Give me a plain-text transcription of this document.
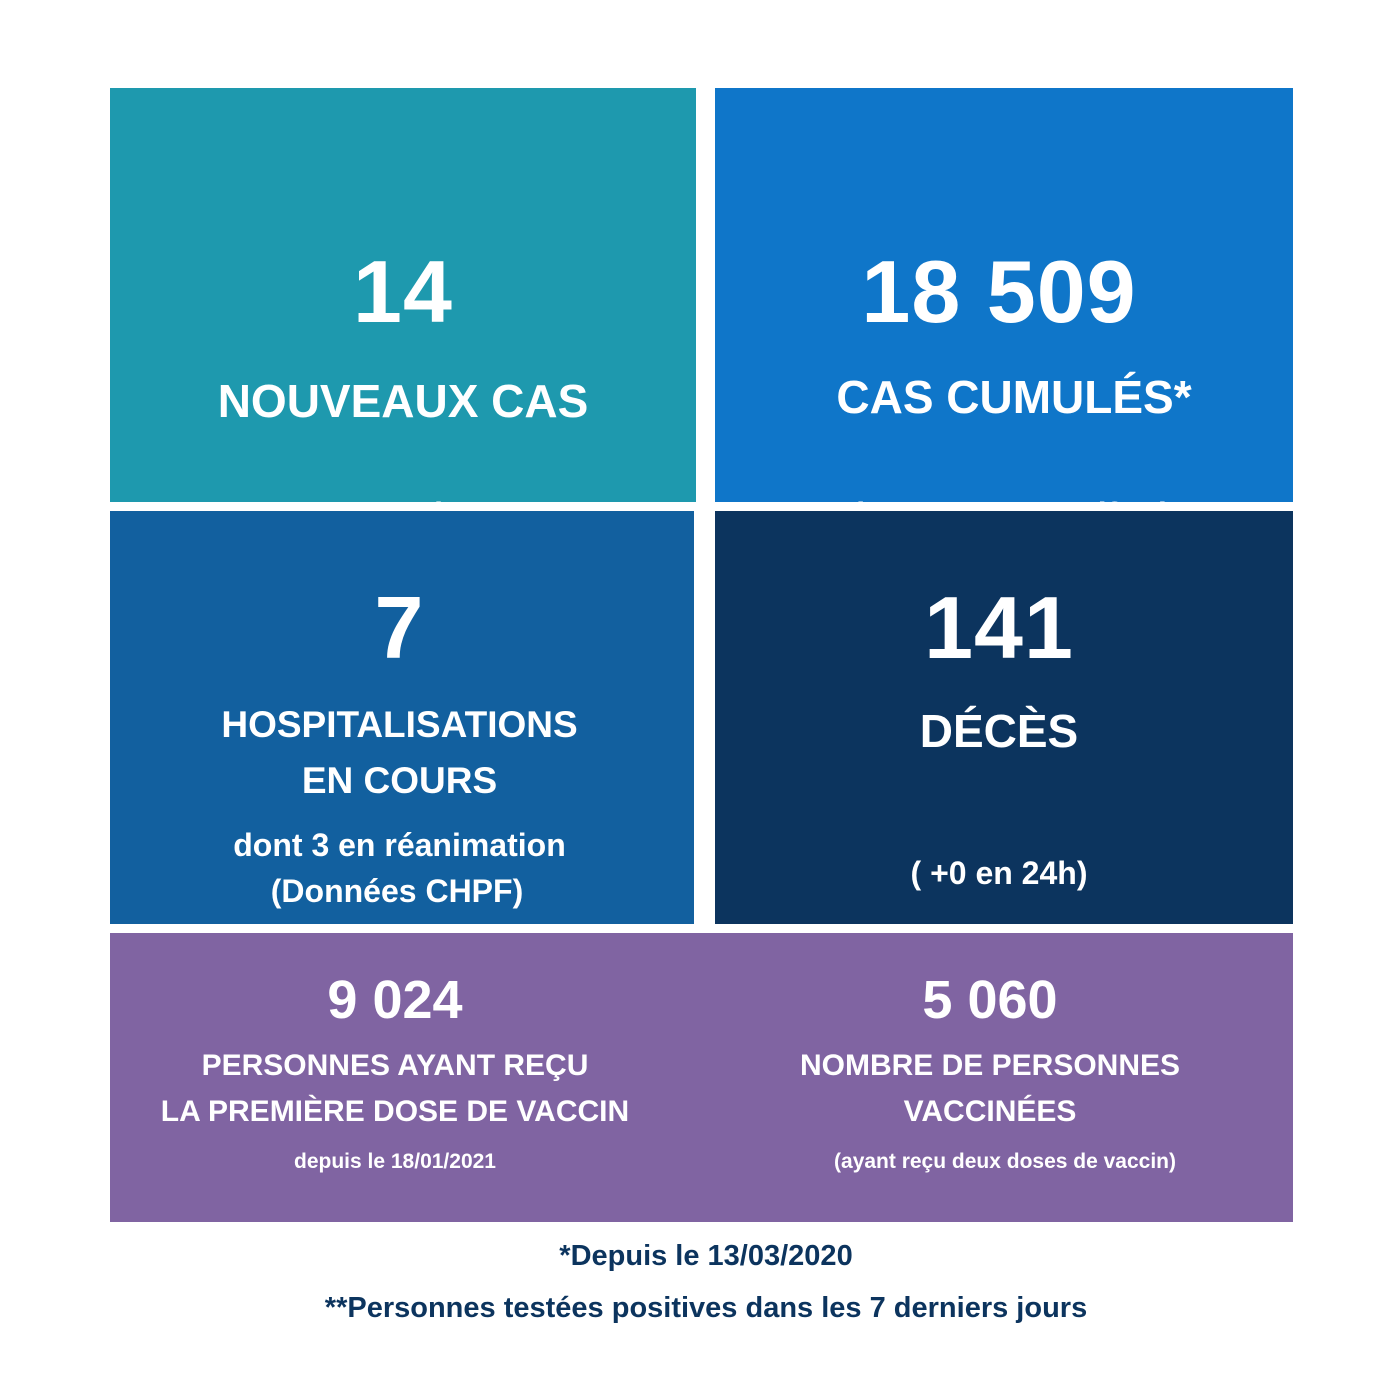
14
NOUVEAUX CAS
18 509
CAS CUMULÉS*
7
HOSPITALISATIONS
EN COURS
dont 3 en réanimation
(Données CHPF)
141
DÉCÈS
( +0 en 24h)
9 024
PERSONNES AYANT REÇU
LA PREMIÈRE DOSE DE VACCIN
depuis le 18/01/2021
5 060
NOMBRE DE PERSONNES
VACCINÉES
(ayant reçu deux doses de vaccin)
*Depuis le 13/03/2020
**Personnes testées positives dans les 7 derniers jours
